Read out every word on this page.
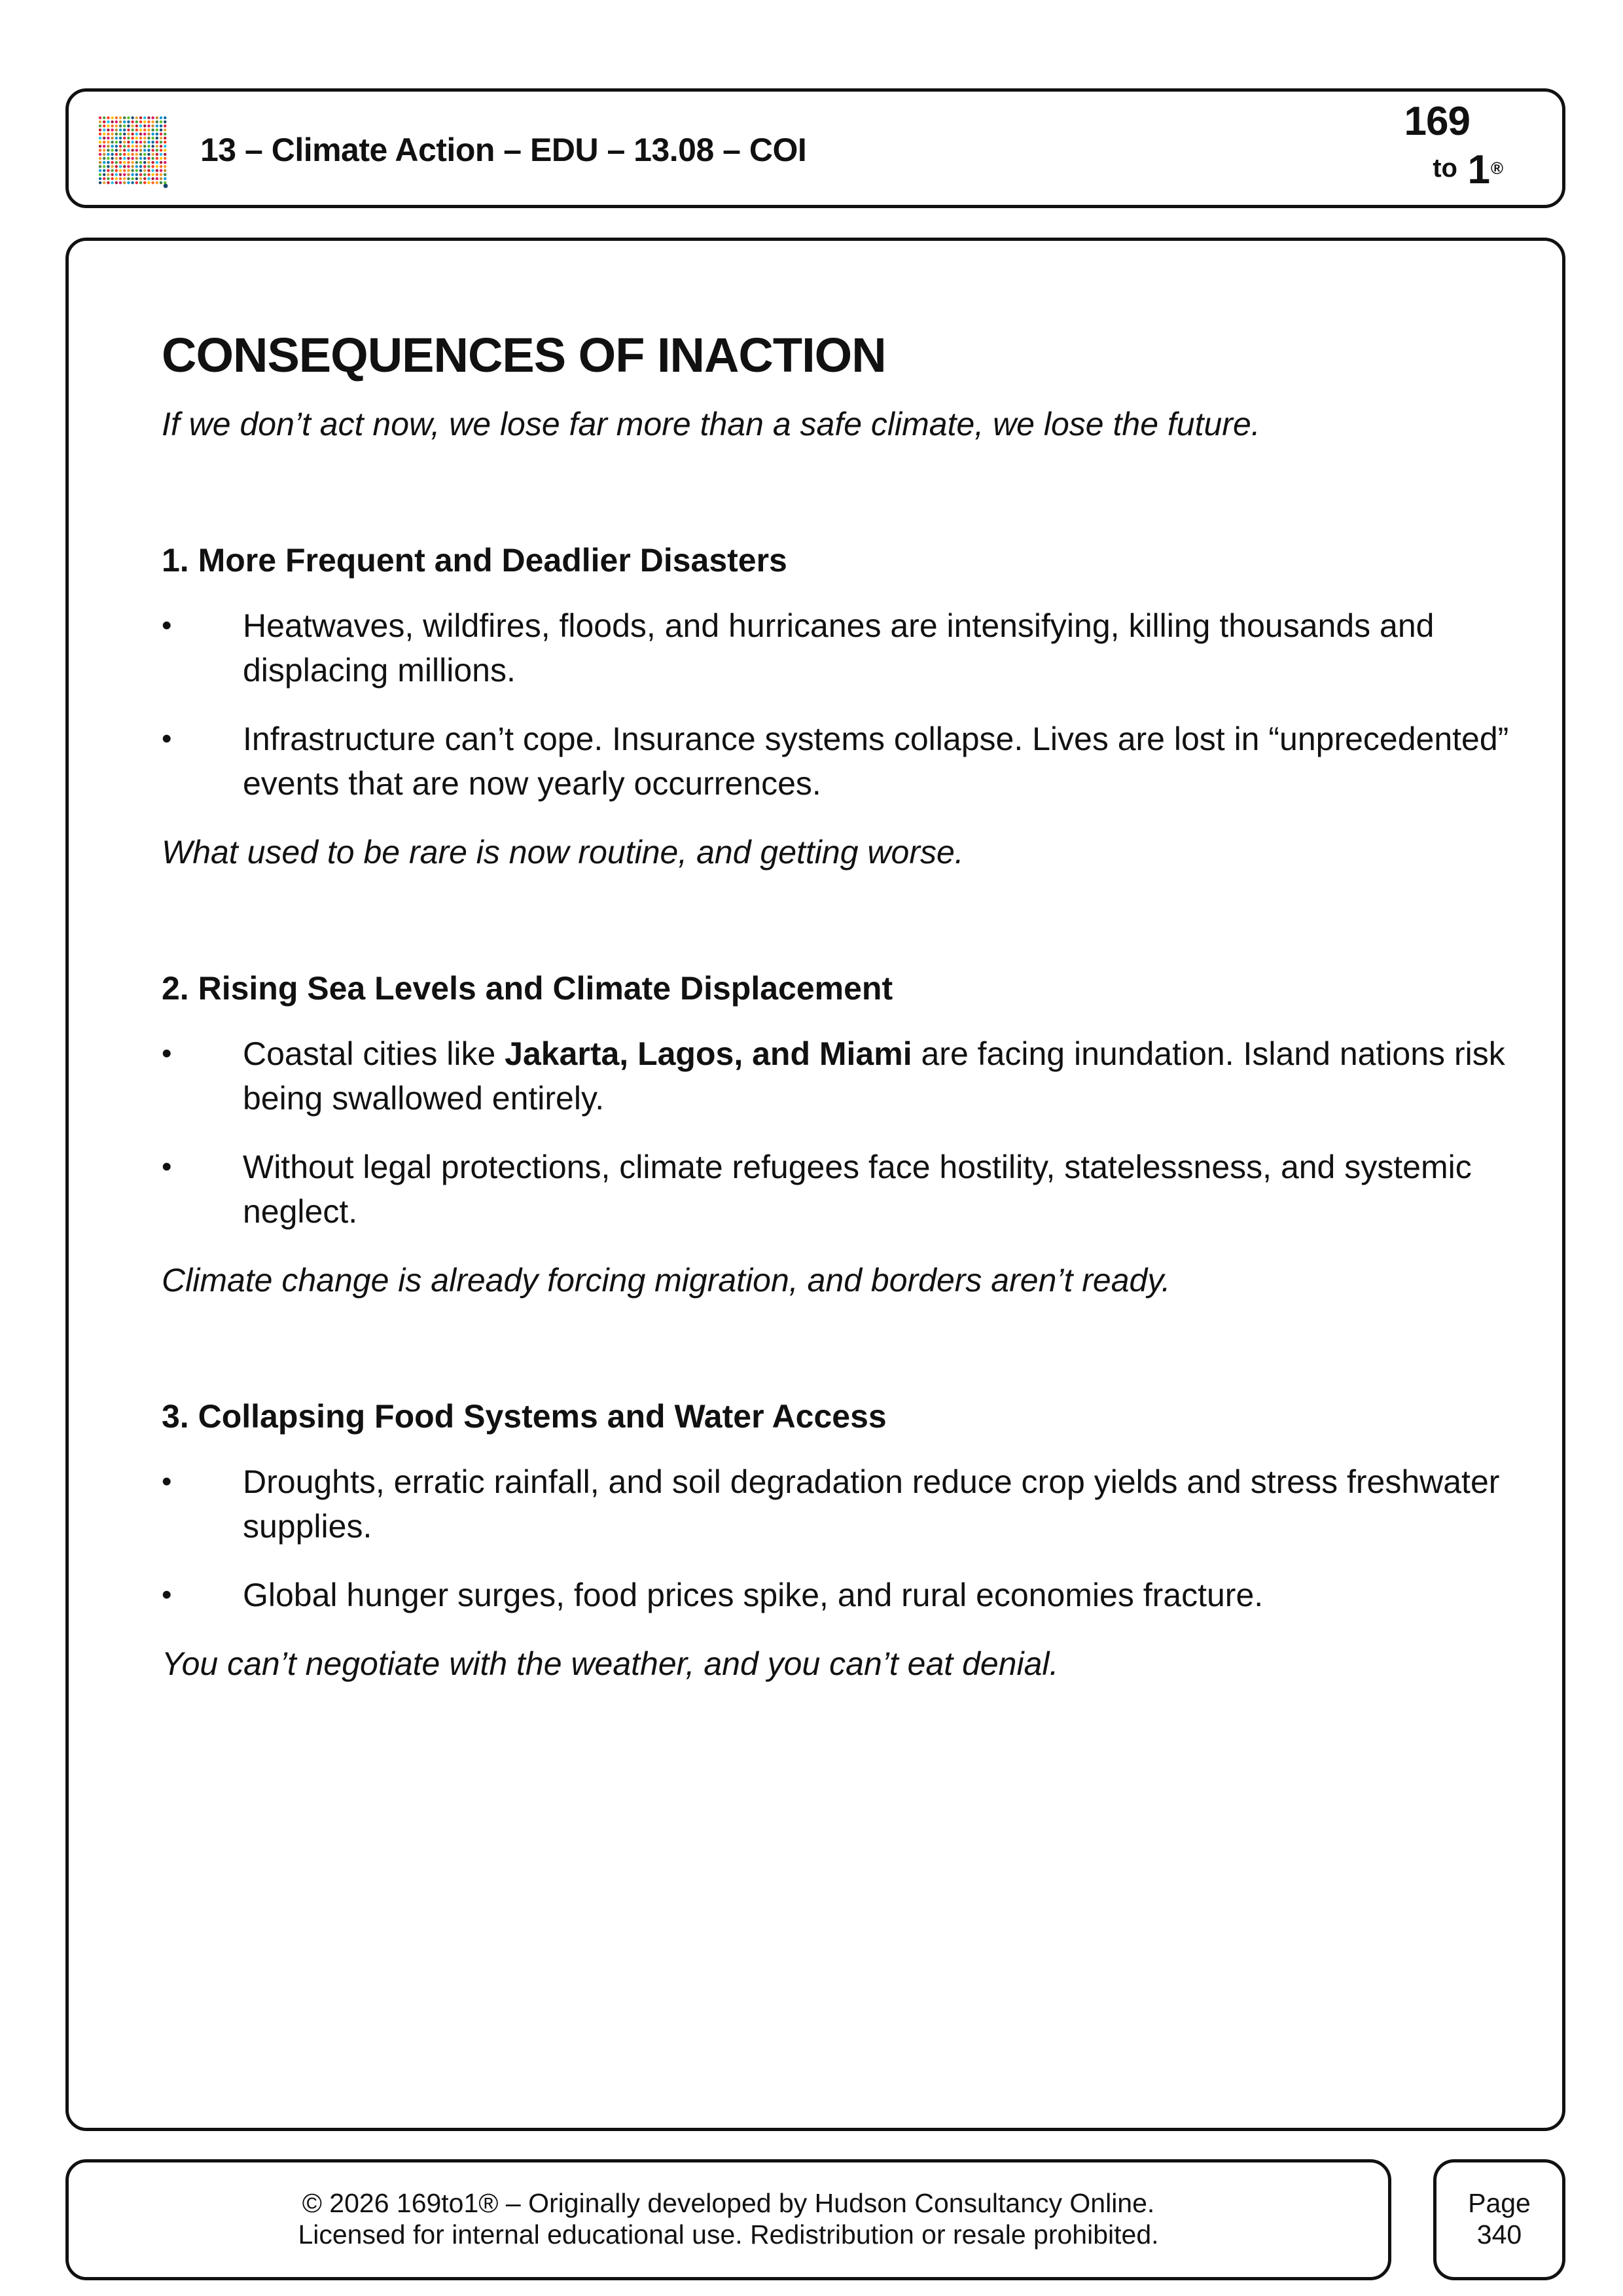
13 – Climate Action – EDU – 13.08 – COI
169
to 1 ®
CONSEQUENCES OF INACTION

If we don’t act now, we lose far more than a safe climate, we lose the future.

1. More Frequent and Deadlier Disasters
• Heatwaves, wildfires, floods, and hurricanes are intensifying, killing thousands and displacing millions.
• Infrastructure can’t cope. Insurance systems collapse. Lives are lost in “unprecedented” events that are now yearly occurrences.

What used to be rare is now routine, and getting worse.

2. Rising Sea Levels and Climate Displacement
• Coastal cities like Jakarta, Lagos, and Miami are facing inundation. Island nations risk being swallowed entirely.
• Without legal protections, climate refugees face hostility, statelessness, and systemic neglect.

Climate change is already forcing migration, and borders aren’t ready.

3. Collapsing Food Systems and Water Access
• Droughts, erratic rainfall, and soil degradation reduce crop yields and stress freshwater supplies.
• Global hunger surges, food prices spike, and rural economies fracture.

You can’t negotiate with the weather, and you can’t eat denial.

© 2026 169to1® – Originally developed by Hudson Consultancy Online.
Licensed for internal educational use. Redistribution or resale prohibited.
Page
340
